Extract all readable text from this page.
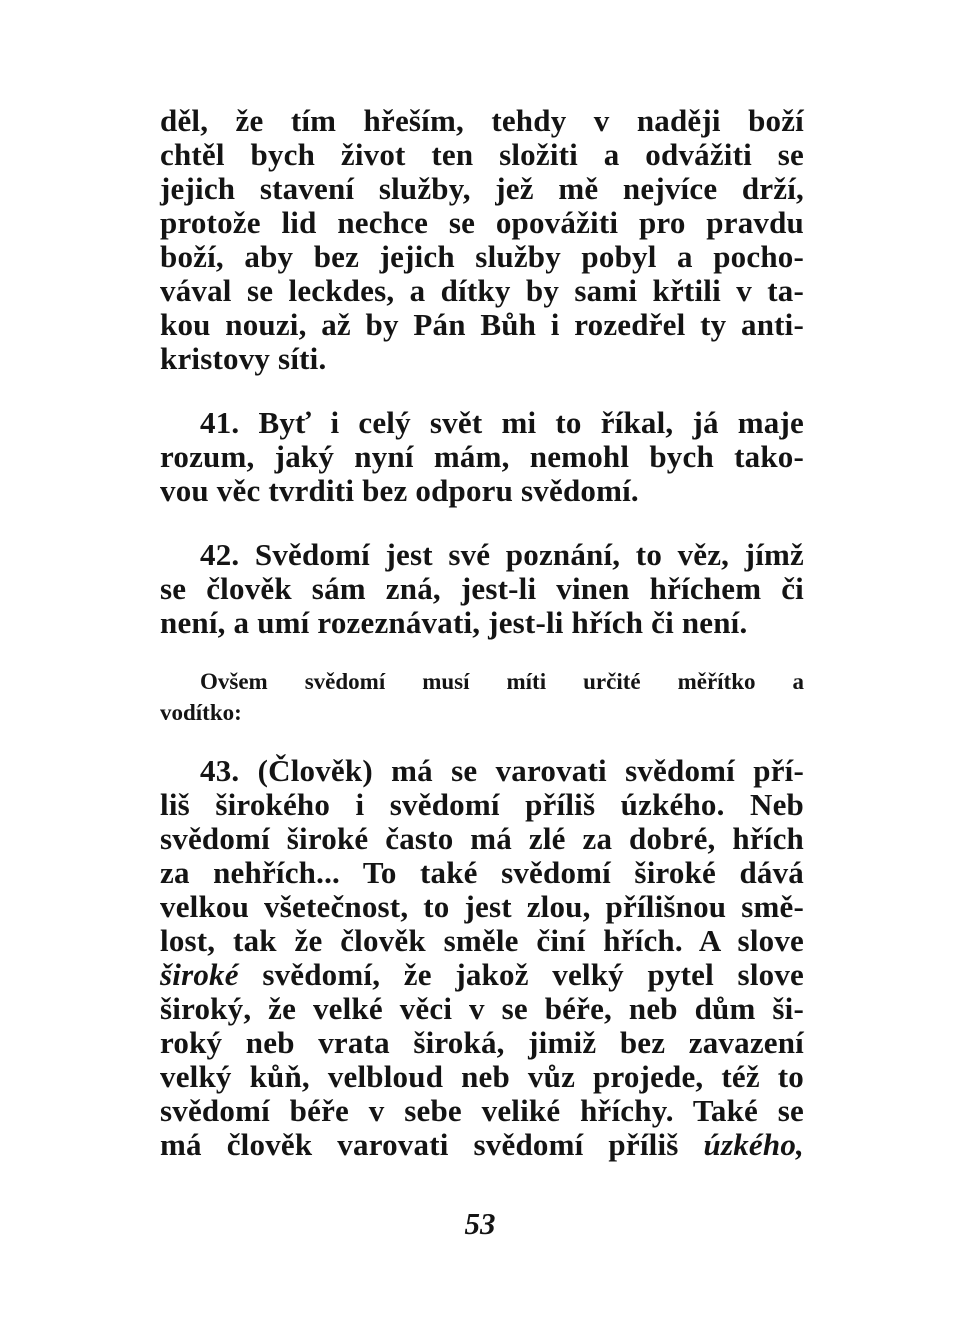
děl, že tím hřeším, tehdy v naději boží
chtěl bych život ten složiti a odvážiti se
jejich stavení služby, jež mě nejvíce drží,
protože lid nechce se opovážiti pro pravdu
boží, aby bez jejich služby pobyl a pocho-
vával se leckdes, a dítky by sami křtili v ta-
kou nouzi, až by Pán Bůh i rozedřel ty anti-
kristovy síti.
41. Byť i celý svět mi to říkal, já maje
rozum, jaký nyní mám, nemohl bych tako-
vou věc tvrditi bez odporu svědomí.
42. Svědomí jest své poznání, to věz, jímž
se člověk sám zná, jest-li vinen hříchem či
není, a umí rozeznávati, jest-li hřích či není.
Ovšem svědomí musí míti určité měřítko a
vodítko:
43. (Člověk) má se varovati svědomí pří-
liš širokého i svědomí příliš úzkého. Neb
svědomí široké často má zlé za dobré, hřích
za nehřích... To také svědomí široké dává
velkou všetečnost, to jest zlou, přílišnou smě-
lost, tak že člověk směle činí hřích. A slove
široké svědomí, že jakož velký pytel slove
široký, že velké věci v se béře, neb dům ši-
roký neb vrata široká, jimiž bez zavazení
velký kůň, velbloud neb vůz projede, též to
svědomí béře v sebe veliké hříchy. Také se
má člověk varovati svědomí příliš úzkého,
53
